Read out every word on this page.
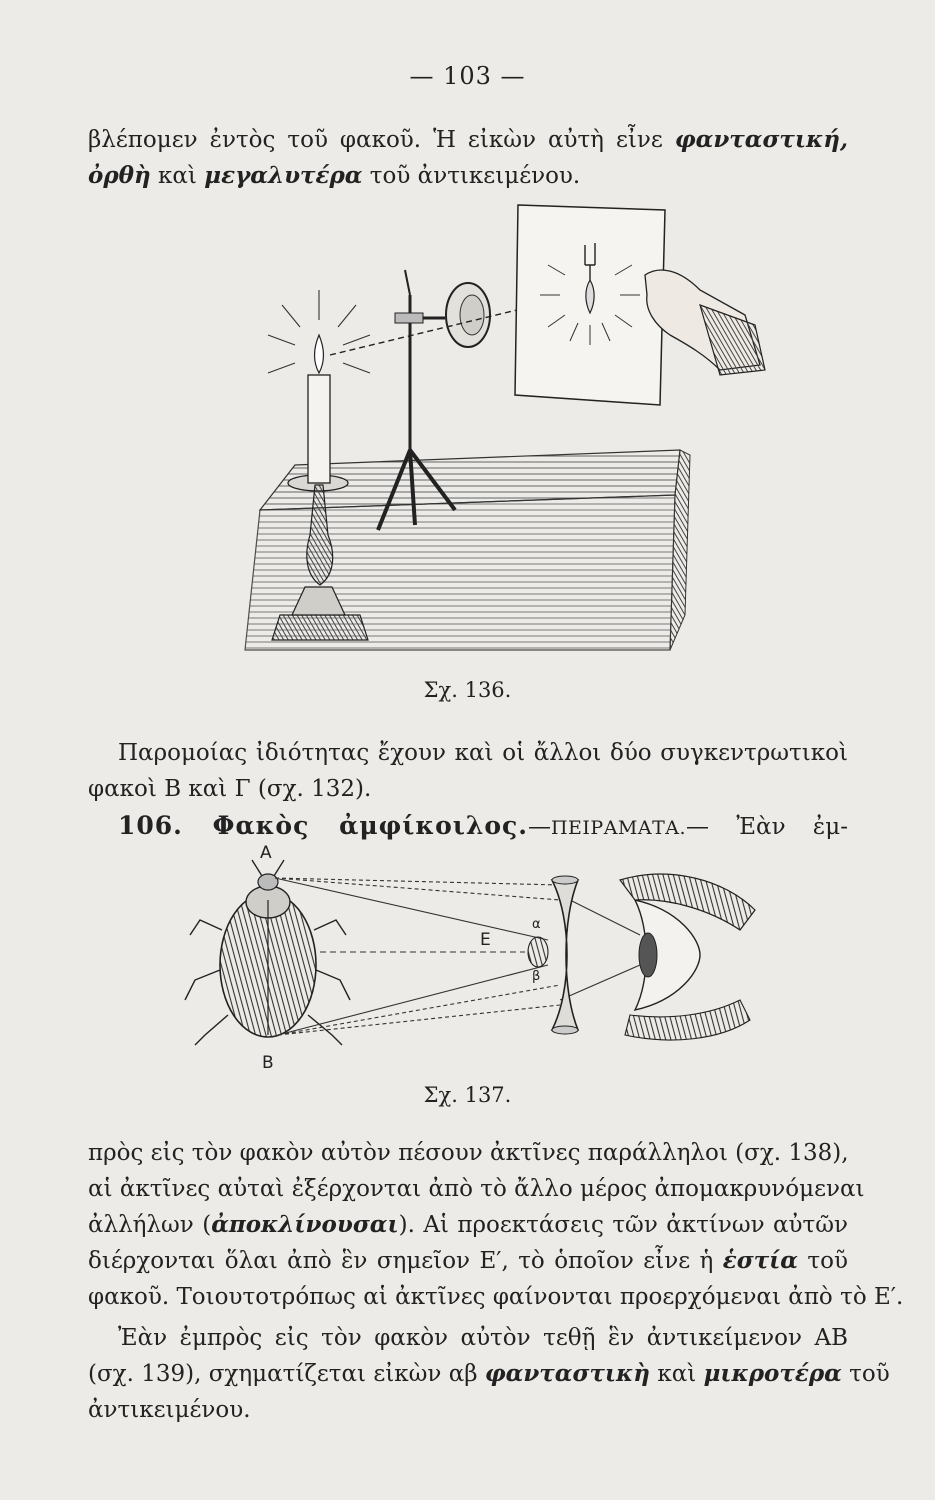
— 103 —
βλέπομεν ἐντὸς τοῦ φακοῦ. Ἡ εἰκὼν αὐτὴ εἶνε φανταστική,
ὀρθὴ καὶ μεγαλυτέρα τοῦ ἀντικειμένου.
Σχ. 136.
Παρομοίας ἰδιότητας ἔχουν καὶ οἱ ἄλλοι δύο συγκεντρωτικοὶ
φακοὶ Β καὶ Γ (σχ. 132).
106. Φακὸς ἀμφίκοιλος.—ΠΕΙΡΑΜΑΤΑ.— Ἐὰν ἐμ-
Α
Β
Ε
α
β
Σχ. 137.
πρὸς εἰς τὸν φακὸν αὐτὸν πέσουν ἀκτῖνες παράλληλοι (σχ. 138),
αἱ ἀκτῖνες αὐταὶ ἐξέρχονται ἀπὸ τὸ ἄλλο μέρος ἀπομακρυνόμεναι
ἀλλήλων (ἀποκλίνουσαι). Αἱ προεκτάσεις τῶν ἀκτίνων αὐτῶν
διέρχονται ὅλαι ἀπὸ ἓν σημεῖον Ε′, τὸ ὁποῖον εἶνε ἡ ἑστία τοῦ
φακοῦ. Τοιουτοτρόπως αἱ ἀκτῖνες φαίνονται προερχόμεναι ἀπὸ τὸ Ε′.
Ἐὰν ἐμπρὸς εἰς τὸν φακὸν αὐτὸν τεθῇ ἓν ἀντικείμενον ΑΒ
(σχ. 139), σχηματίζεται εἰκὼν αβ φανταστικὴ καὶ μικροτέρα τοῦ
ἀντικειμένου.
